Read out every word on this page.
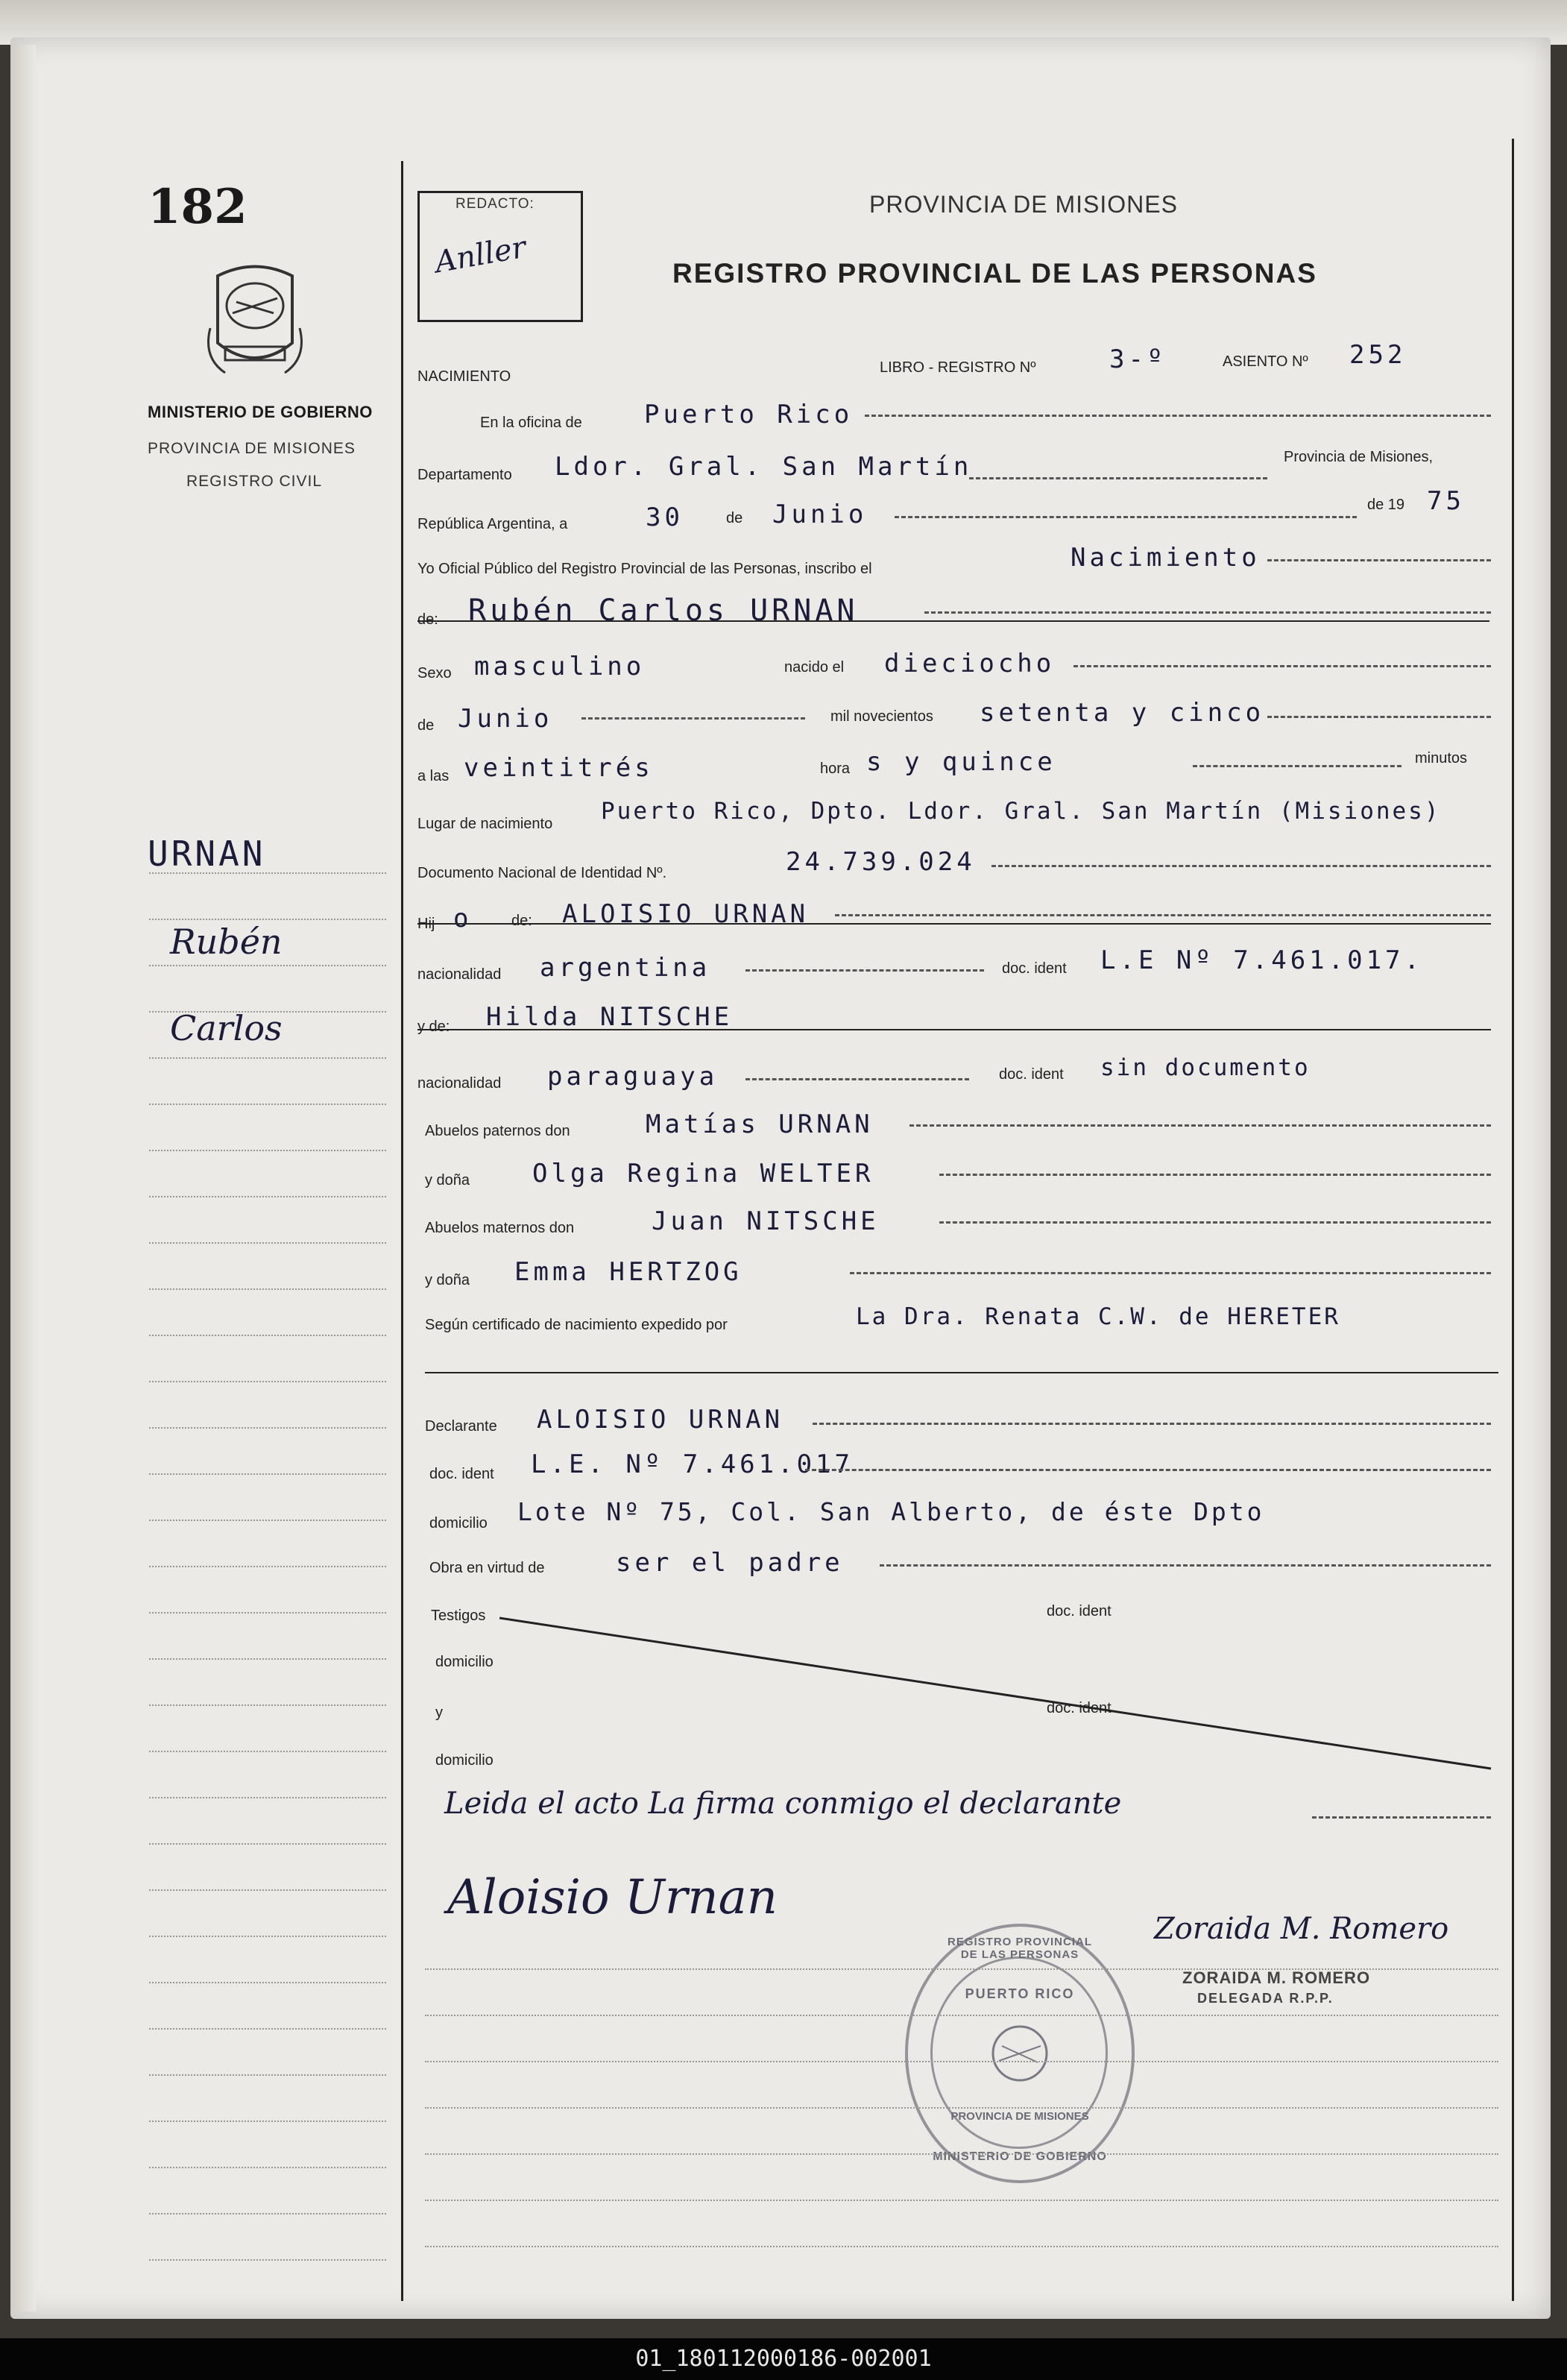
182
MINISTERIO DE GOBIERNO
PROVINCIA DE MISIONES
REGISTRO CIVIL
URNAN
Rubén
Carlos
REDACTO:
Anller
PROVINCIA DE MISIONES
REGISTRO PROVINCIAL DE LAS PERSONAS
NACIMIENTO
LIBRO - REGISTRO Nº	3-º	ASIENTO Nº 252
En la oficina de Puerto Rico
Departamento Ldor. Gral. San Martín	Provincia de Misiones,
República Argentina, a	30	de Junio	de 19 75
Yo Oficial Público del Registro Provincial de las Personas, inscribo el	Nacimiento
de: Rubén Carlos URNAN
Sexo masculino	nacido el dieciocho
de Junio	mil novecientos setenta y cinco
a las veintitrés	hora s y quince	minutos
Lugar de nacimiento Puerto Rico, Dpto. Ldor. Gral. San Martín (Misiones)
Documento Nacional de Identidad Nº.	24.739.024
Hij o	de: ALOISIO URNAN
nacionalidad argentina	doc. ident L.E Nº 7.461.017.
y de: Hilda NITSCHE
nacionalidad paraguaya	doc. ident sin documento
Abuelos paternos don	Matías URNAN
y doña Olga Regina WELTER
Abuelos maternos don	Juan NITSCHE
y doña Emma HERTZOG
Según certificado de nacimiento expedido por	La Dra. Renata C.W. de HERETER
Declarante ALOISIO URNAN
doc. ident L.E. Nº 7.461.017
domicilio Lote Nº 75, Col. San Alberto, de éste Dpto
Obra en virtud de	ser el padre
Testigos	doc. ident
domicilio
y	doc. ident
domicilio
Leida el acto La firma conmigo el declarante
Aloisio Urnan
Zoraida M. Romero
ZORAIDA M. ROMERO
DELEGADA R.P.P.
REGISTRO PROVINCIAL DE LAS PERSONAS
PUERTO RICO
PROVINCIA DE MISIONES
MINISTERIO DE GOBIERNO
01_180112000186-002001
